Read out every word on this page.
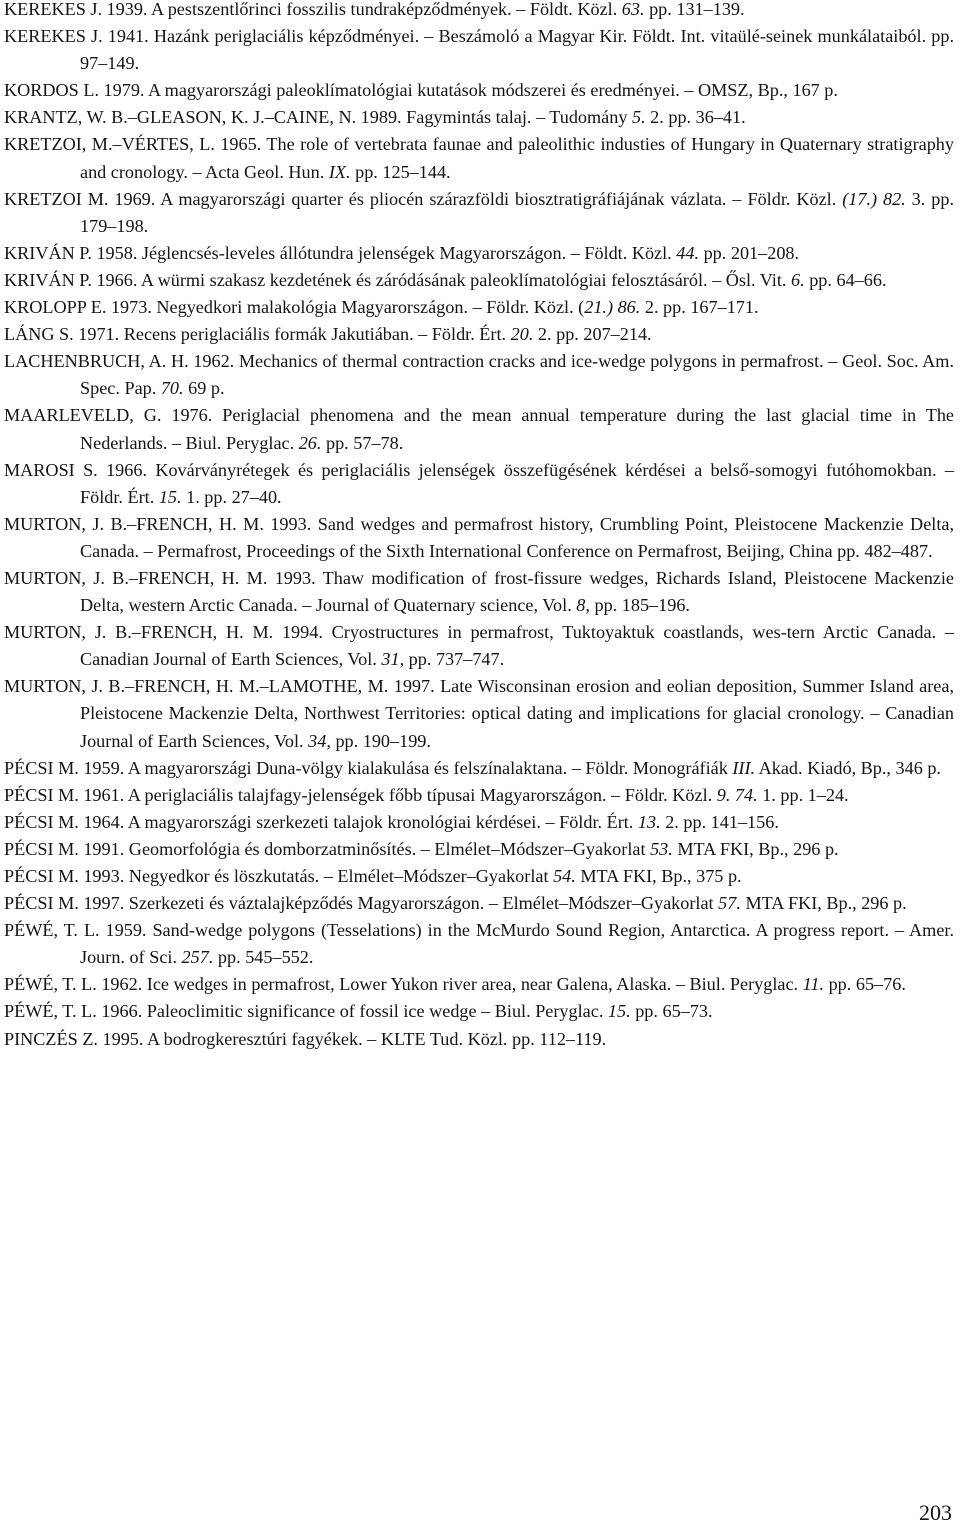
KEREKES J. 1939. A pestszentlőrinci fosszilis tundraképződmények. – Földt. Közl. 63. pp. 131–139.
KEREKES J. 1941. Hazánk periglaciális képződményei. – Beszámoló a Magyar Kir. Földt. Int. vitaülé-seinek munkálataiból. pp. 97–149.
KORDOS L. 1979. A magyarországi paleoklímatológiai kutatások módszerei és eredményei. – OMSZ, Bp., 167 p.
KRANTZ, W. B.–GLEASON, K. J.–CAINE, N. 1989. Fagymintás talaj. – Tudomány 5. 2. pp. 36–41.
KRETZOI, M.–VÉRTES, L. 1965. The role of vertebrata faunae and paleolithic industies of Hungary in Quaternary stratigraphy and cronology. – Acta Geol. Hun. IX. pp. 125–144.
KRETZOI M. 1969. A magyarországi quarter és pliocén szárazföldi biosztratigráfiájának vázlata. – Földr. Közl. (17.) 82. 3. pp. 179–198.
KRIVÁN P. 1958. Jéglencsés-leveles állótundra jelenségek Magyarországon. – Földt. Közl. 44. pp. 201–208.
KRIVÁN P. 1966. A würmi szakasz kezdetének és záródásának paleoklímatológiai felosztásáról. – Ősl. Vit. 6. pp. 64–66.
KROLOPP E. 1973. Negyedkori malakológia Magyarországon. – Földr. Közl. (21.) 86. 2. pp. 167–171.
LÁNG S. 1971. Recens periglaciális formák Jakutiában. – Földr. Ért. 20. 2. pp. 207–214.
LACHENBRUCH, A. H. 1962. Mechanics of thermal contraction cracks and ice-wedge polygons in permafrost. – Geol. Soc. Am. Spec. Pap. 70. 69 p.
MAARLEVELD, G. 1976. Periglacial phenomena and the mean annual temperature during the last glacial time in The Nederlands. – Biul. Peryglac. 26. pp. 57–78.
MAROSI S. 1966. Kovárványrétegek és periglaciális jelenségek összefügésének kérdései a belső-somogyi futóhomokban. – Földr. Ért. 15. 1. pp. 27–40.
MURTON, J. B.–FRENCH, H. M. 1993. Sand wedges and permafrost history, Crumbling Point, Pleistocene Mackenzie Delta, Canada. – Permafrost, Proceedings of the Sixth International Conference on Permafrost, Beijing, China pp. 482–487.
MURTON, J. B.–FRENCH, H. M. 1993. Thaw modification of frost-fissure wedges, Richards Island, Pleistocene Mackenzie Delta, western Arctic Canada. – Journal of Quaternary science, Vol. 8, pp. 185–196.
MURTON, J. B.–FRENCH, H. M. 1994. Cryostructures in permafrost, Tuktoyaktuk coastlands, wes-tern Arctic Canada. – Canadian Journal of Earth Sciences, Vol. 31, pp. 737–747.
MURTON, J. B.–FRENCH, H. M.–LAMOTHE, M. 1997. Late Wisconsinan erosion and eolian deposition, Summer Island area, Pleistocene Mackenzie Delta, Northwest Territories: optical dating and implications for glacial cronology. – Canadian Journal of Earth Sciences, Vol. 34, pp. 190–199.
PÉCSI M. 1959. A magyarországi Duna-völgy kialakulása és felszínalaktana. – Földr. Monográfiák III. Akad. Kiadó, Bp., 346 p.
PÉCSI M. 1961. A periglaciális talajfagy-jelenségek főbb típusai Magyarországon. – Földr. Közl. 9. 74. 1. pp. 1–24.
PÉCSI M. 1964. A magyarországi szerkezeti talajok kronológiai kérdései. – Földr. Ért. 13. 2. pp. 141–156.
PÉCSI M. 1991. Geomorfológia és domborzatminősítés. – Elmélet–Módszer–Gyakorlat 53. MTA FKI, Bp., 296 p.
PÉCSI M. 1993. Negyedkor és löszkutatás. – Elmélet–Módszer–Gyakorlat 54. MTA FKI, Bp., 375 p.
PÉCSI M. 1997. Szerkezeti és váztalajképződés Magyarországon. – Elmélet–Módszer–Gyakorlat 57. MTA FKI, Bp., 296 p.
PÉWÉ, T. L. 1959. Sand-wedge polygons (Tesselations) in the McMurdo Sound Region, Antarctica. A progress report. – Amer. Journ. of Sci. 257. pp. 545–552.
PÉWÉ, T. L. 1962. Ice wedges in permafrost, Lower Yukon river area, near Galena, Alaska. – Biul. Peryglac. 11. pp. 65–76.
PÉWÉ, T. L. 1966. Paleoclimitic significance of fossil ice wedge – Biul. Peryglac. 15. pp. 65–73.
PINCZÉS Z. 1995. A bodrogkeresztúri fagyékek. – KLTE Tud. Közl. pp. 112–119.
203
